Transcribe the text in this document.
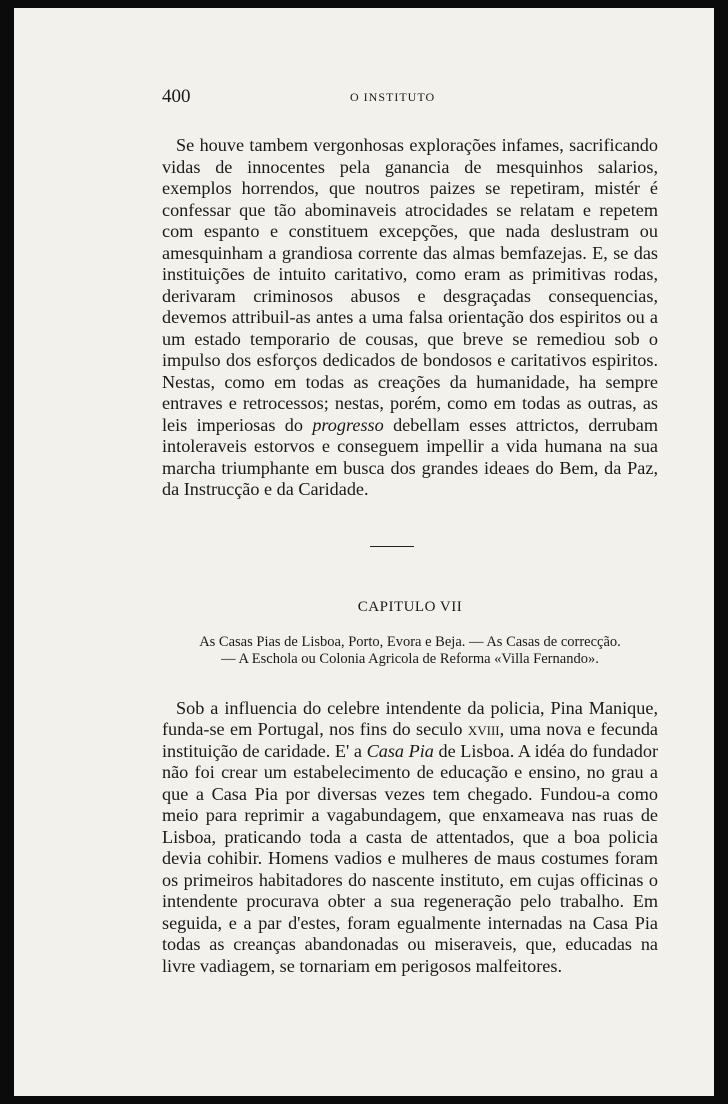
400	O INSTITUTO

Se houve tambem vergonhosas explorações infames, sacrificando vidas de innocentes pela ganancia de mesquinhos salarios, exemplos horrendos, que noutros paizes se repetiram, mistér é confessar que tão abominaveis atrocidades se relatam e repetem com espanto e constituem excepções, que nada deslustram ou amesquinham a grandiosa corrente das almas bemfazejas. E, se das instituições de intuito caritativo, como eram as primitivas rodas, derivaram criminosos abusos e desgraçadas consequencias, devemos attribuil-as antes a uma falsa orientação dos espiritos ou a um estado temporario de cousas, que breve se remediou sob o impulso dos esforços dedicados de bondosos e caritativos espiritos. Nestas, como em todas as creações da humanidade, ha sempre entraves e retrocessos; nestas, porém, como em todas as outras, as leis imperiosas do progresso debellam esses attrictos, derrubam intoleraveis estorvos e conseguem impellir a vida humana na sua marcha triumphante em busca dos grandes ideaes do Bem, da Paz, da Instrucção e da Caridade.

CAPITULO VII
As Casas Pias de Lisboa, Porto, Evora e Beja. — As Casas de correcção.
— A Eschola ou Colonia Agricola de Reforma «Villa Fernando».

Sob a influencia do celebre intendente da policia, Pina Manique, funda-se em Portugal, nos fins do seculo xviii, uma nova e fecunda instituição de caridade. E' a Casa Pia de Lisboa. A idéa do fundador não foi crear um estabelecimento de educação e ensino, no grau a que a Casa Pia por diversas vezes tem chegado. Fundou-a como meio para reprimir a vagabundagem, que enxameava nas ruas de Lisboa, praticando toda a casta de attentados, que a boa policia devia cohibir. Homens vadios e mulheres de maus costumes foram os primeiros habitadores do nascente instituto, em cujas officinas o intendente procurava obter a sua regeneração pelo trabalho. Em seguida, e a par d'estes, foram egualmente internadas na Casa Pia todas as creanças abandonadas ou miseraveis, que, educadas na livre vadiagem, se tornariam em perigosos malfeitores.
